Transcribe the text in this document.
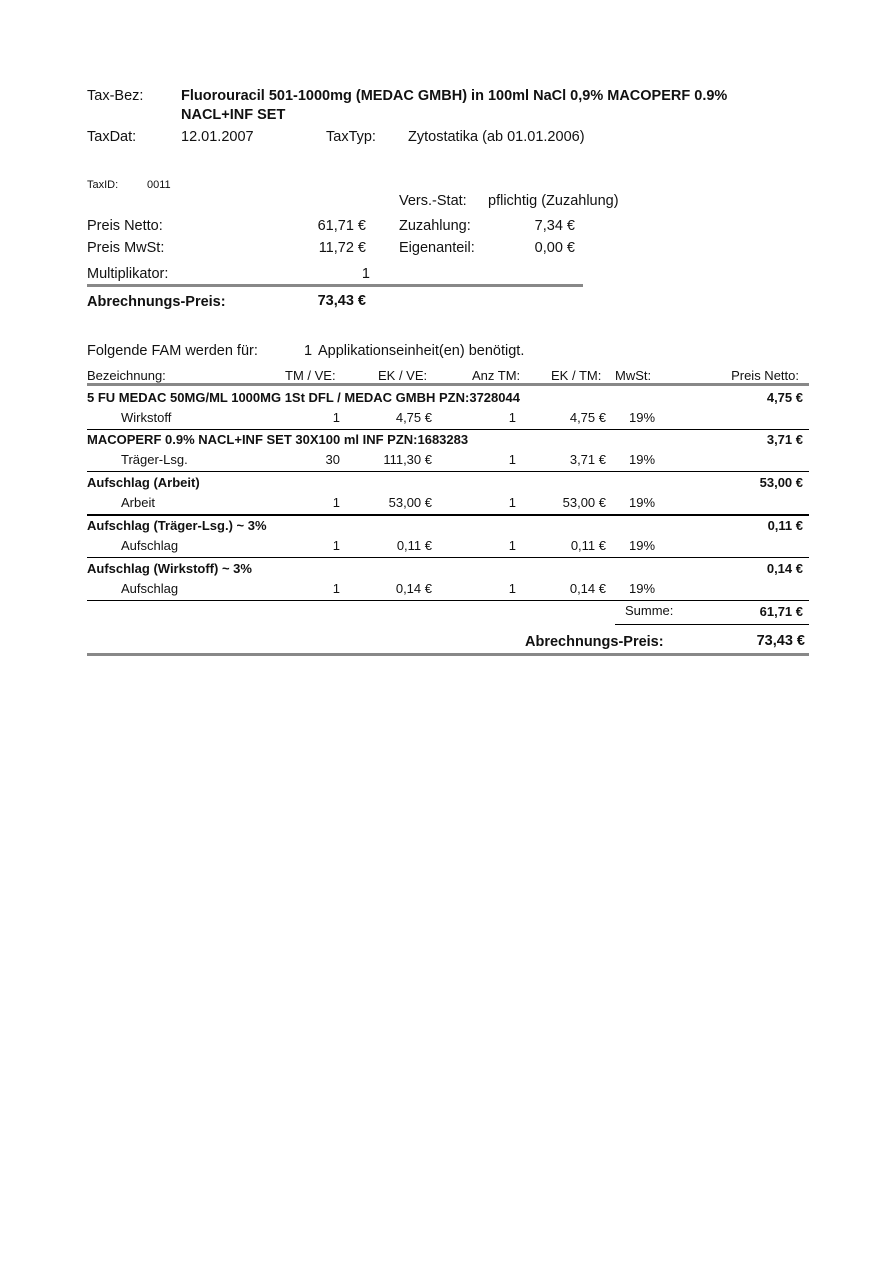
Tax-Bez:	Fluorouracil 501-1000mg (MEDAC GMBH) in 100ml NaCl 0,9% MACOPERF 0.9%
NACL+INF SET
TaxDat:	12.01.2007	TaxTyp: Zytostatika (ab 01.01.2006)
TaxID:	0011
Vers.-Stat: pflichtig (Zuzahlung)
Preis Netto:	61,71 € Zuzahlung:	7,34 €
Preis MwSt:	11,72 € Eigenanteil:	0,00 €
Multiplikator:	1
Abrechnungs-Preis:	73,43 €
Folgende FAM werden für:	1 Applikationseinheit(en) benötigt.
Bezeichnung:	TM / VE:	EK / VE:	Anz TM: EK / TM: MwSt:	Preis Netto:
5 FU MEDAC 50MG/ML 1000MG 1St DFL / MEDAC GMBH PZN:3728044	4,75 €
Wirkstoff	1	4,75 €	1	4,75 € 19%
MACOPERF 0.9% NACL+INF SET 30X100 ml INF PZN:1683283	3,71 €
Träger-Lsg.	30	111,30 €	1	3,71 € 19%
Aufschlag (Arbeit)	53,00 €
Arbeit	1	53,00 €	1	53,00 € 19%
Aufschlag (Träger-Lsg.) ~ 3%	0,11 €
Aufschlag	1	0,11 €	1	0,11 € 19%
Aufschlag (Wirkstoff) ~ 3%	0,14 €
Aufschlag	1	0,14 €	1	0,14 € 19%
Summe:	61,71 €
Abrechnungs-Preis:	73,43 €
